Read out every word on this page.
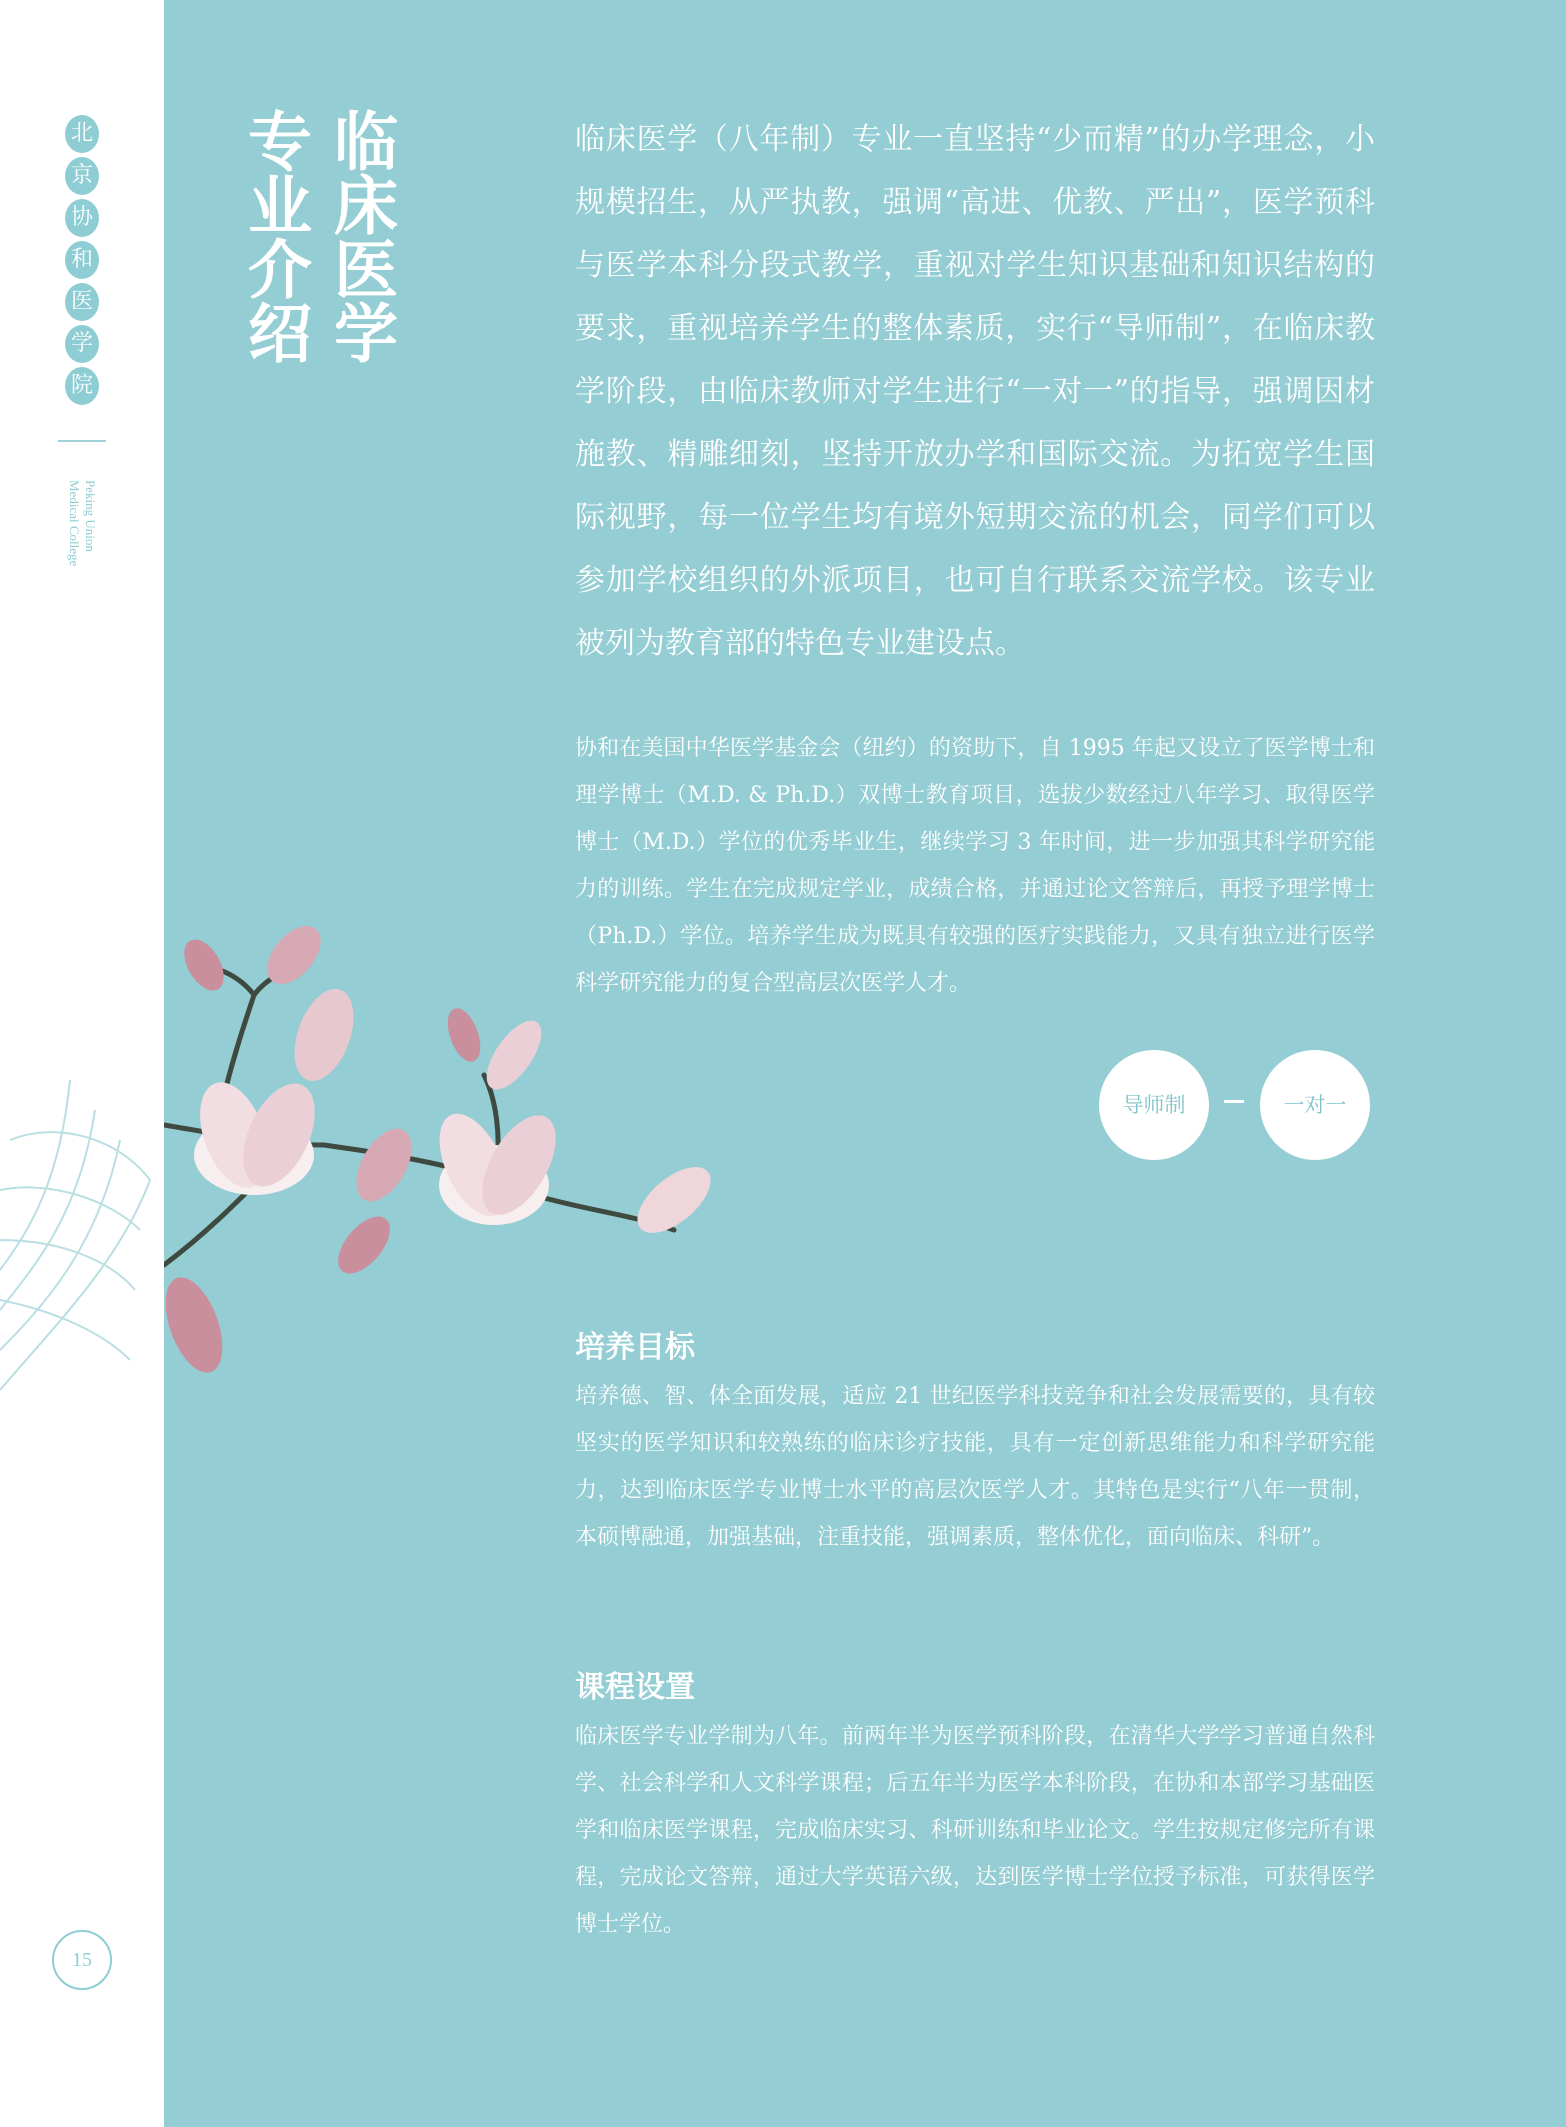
北
京
协
和
医
学
院
Peking Union
Medical College
15
临床医学
专业介绍	临床医学（八年制）专业一直坚持“少而精”的办学理念，小规模招生，从严执教，强调“高进、优教、严出”，医学预科与医学本科分段式教学，重视对学生知识基础和知识结构的要求，重视培养学生的整体素质，实行“导师制”，在临床教学阶段，由临床教师对学生进行“一对一”的指导，强调因材施教、精雕细刻，坚持开放办学和国际交流。为拓宽学生国际视野，每一位学生均有境外短期交流的机会，同学们可以参加学校组织的外派项目，也可自行联系交流学校。该专业被列为教育部的特色专业建设点。

协和在美国中华医学基金会（纽约）的资助下，自 1995 年起又设立了医学博士和理学博士（M.D. & Ph.D.）双博士教育项目，选拔少数经过八年学习、取得医学博士（M.D.）学位的优秀毕业生，继续学习 3 年时间，进一步加强其科学研究能力的训练。学生在完成规定学业，成绩合格，并通过论文答辩后，再授予理学博士（Ph.D.）学位。培养学生成为既具有较强的医疗实践能力，又具有独立进行医学科学研究能力的复合型高层次医学人才。

导师制	一对一
培养目标

培养德、智、体全面发展，适应 21 世纪医学科技竞争和社会发展需要的，具有较坚实的医学知识和较熟练的临床诊疗技能，具有一定创新思维能力和科学研究能力，达到临床医学专业博士水平的高层次医学人才。其特色是实行“八年一贯制，本硕博融通，加强基础，注重技能，强调素质，整体优化，面向临床、科研”。

课程设置

临床医学专业学制为八年。前两年半为医学预科阶段，在清华大学学习普通自然科学、社会科学和人文科学课程；后五年半为医学本科阶段，在协和本部学习基础医学和临床医学课程，完成临床实习、科研训练和毕业论文。学生按规定修完所有课程，完成论文答辩，通过大学英语六级，达到医学博士学位授予标准，可获得医学博士学位。
